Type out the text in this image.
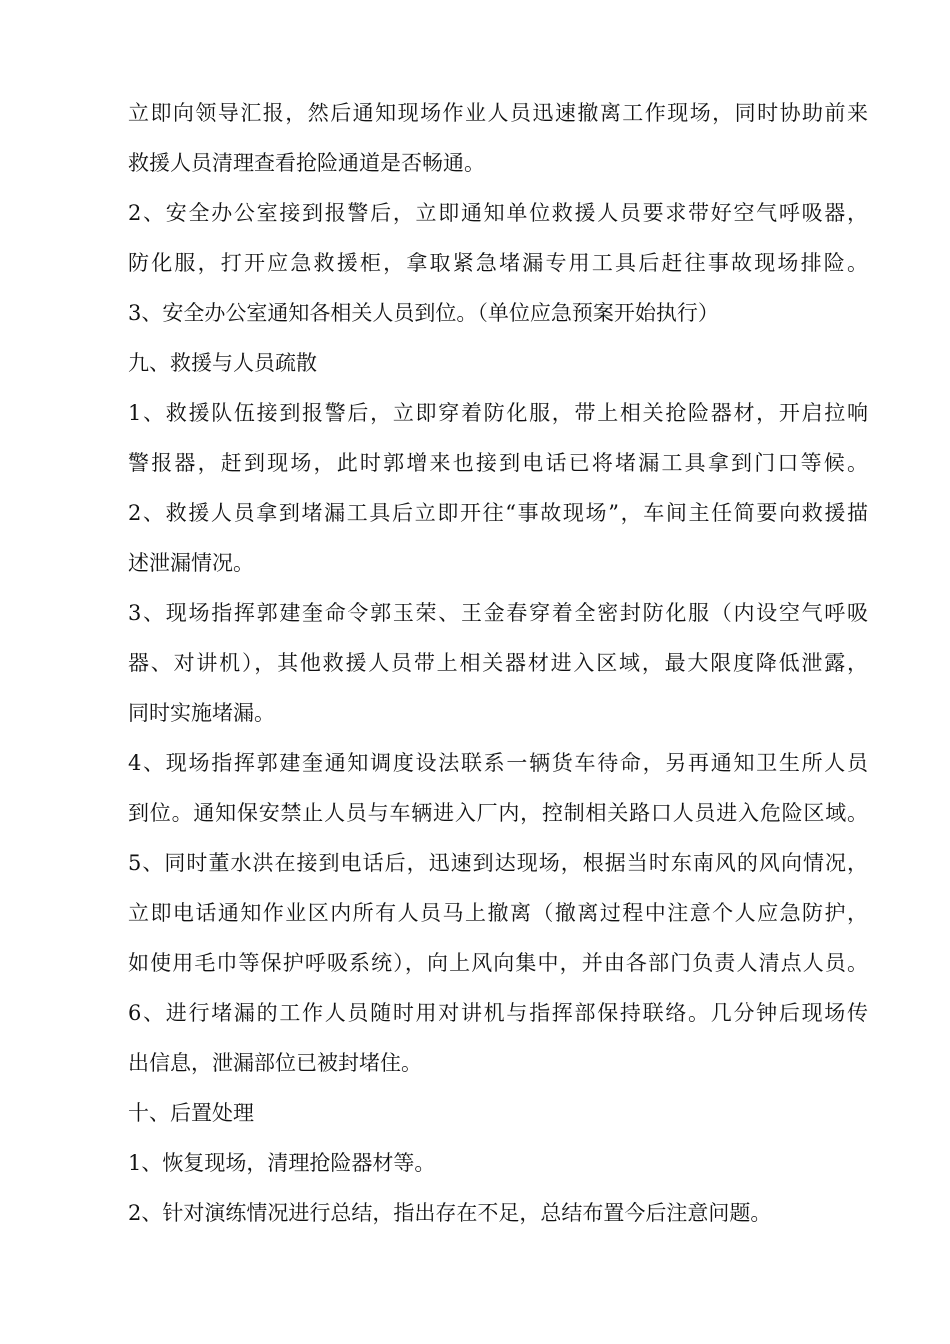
立即向领导汇报，然后通知现场作业人员迅速撤离工作现场，同时协助前来
救援人员清理查看抢险通道是否畅通。
2、安全办公室接到报警后，立即通知单位救援人员要求带好空气呼吸器，
防化服，打开应急救援柜，拿取紧急堵漏专用工具后赶往事故现场排险。
3、安全办公室通知各相关人员到位。（单位应急预案开始执行）
九、救援与人员疏散
1、救援队伍接到报警后，立即穿着防化服，带上相关抢险器材，开启拉响
警报器，赶到现场，此时郭增来也接到电话已将堵漏工具拿到门口等候。
2、救援人员拿到堵漏工具后立即开往“事故现场”，车间主任简要向救援描
述泄漏情况。
3、现场指挥郭建奎命令郭玉荣、王金春穿着全密封防化服（内设空气呼吸
器、对讲机），其他救援人员带上相关器材进入区域，最大限度降低泄露，
同时实施堵漏。
4、现场指挥郭建奎通知调度设法联系一辆货车待命，另再通知卫生所人员
到位。通知保安禁止人员与车辆进入厂内，控制相关路口人员进入危险区域。
5、同时董水洪在接到电话后，迅速到达现场，根据当时东南风的风向情况，
立即电话通知作业区内所有人员马上撤离（撤离过程中注意个人应急防护，
如使用毛巾等保护呼吸系统），向上风向集中，并由各部门负责人清点人员。
6、进行堵漏的工作人员随时用对讲机与指挥部保持联络。几分钟后现场传
出信息，泄漏部位已被封堵住。
十、后置处理
1、恢复现场，清理抢险器材等。
2、针对演练情况进行总结，指出存在不足，总结布置今后注意问题。
